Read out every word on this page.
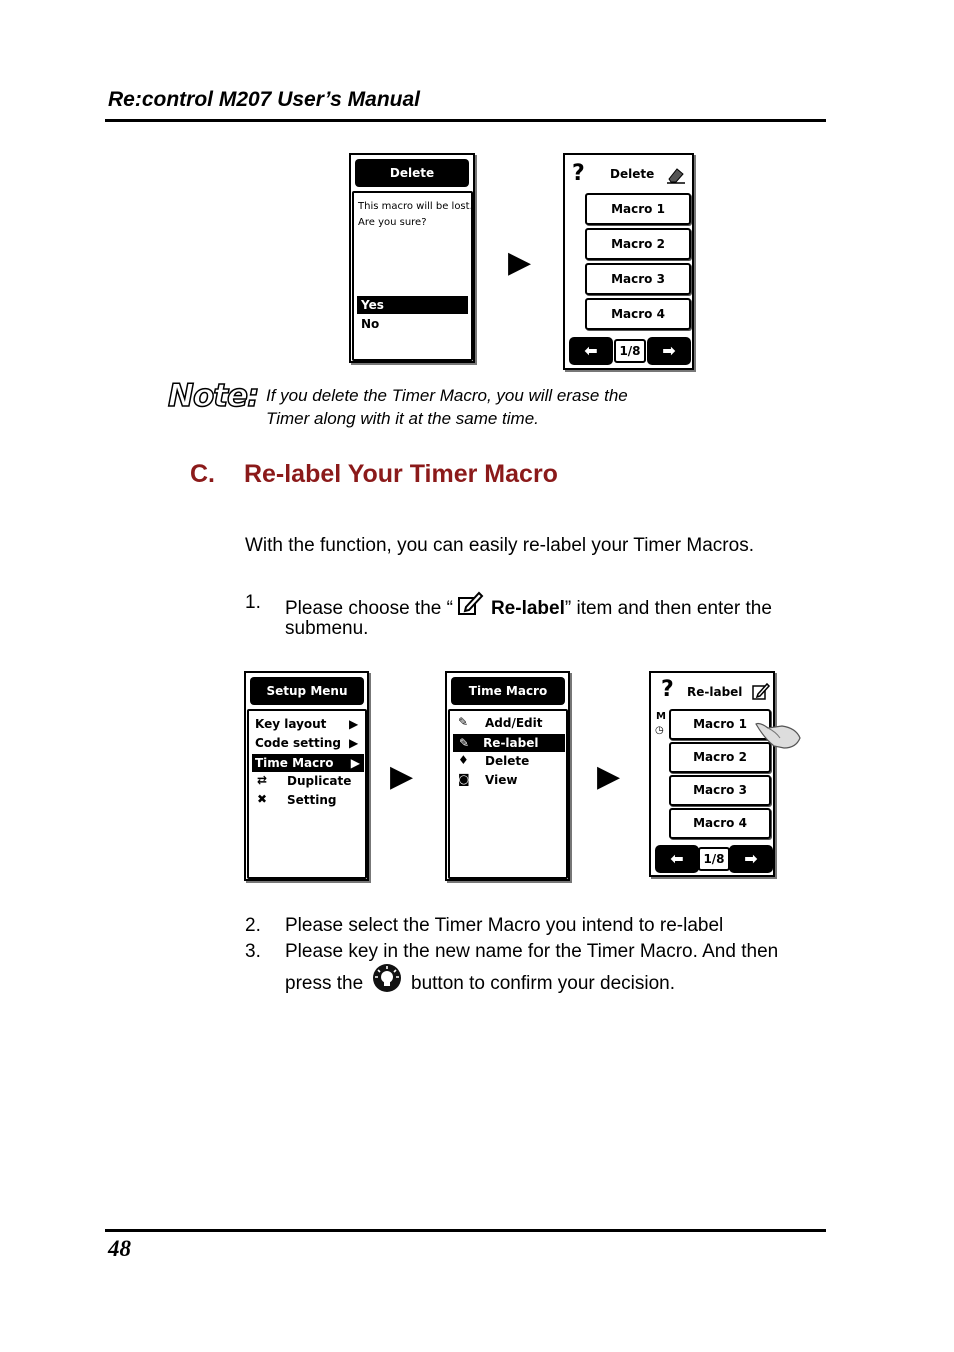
Re:control M207 User’s Manual
Delete
This macro will be lost.
Are you sure?
Yes
No
▶
? Delete
Macro 1
Macro 2
Macro 3
Macro 4
⬅	1/8	➡
Note: If you delete the Timer Macro, you will erase the
Timer along with it at the same time.
C. Re-label Your Timer Macro
With the function, you can easily re-label your Timer Macros.
1. Please choose the “ Re-label” item and then enter the
submenu.
Setup Menu
Key layout ▶
Code setting ▶
Time Macro ▶
⇄ Duplicate
✖ Setting
▶
Time Macro
✎ Add/Edit
✎ Re-label
♦ Delete
◙ View	▶
? Re-label
M
◷	Macro 1
Macro 2
Macro 3
Macro 4
⬅	1/8	➡
2. Please select the Timer Macro you intend to re-label
3. Please key in the new name for the Timer Macro. And then
press the	button to confirm your decision.
48
